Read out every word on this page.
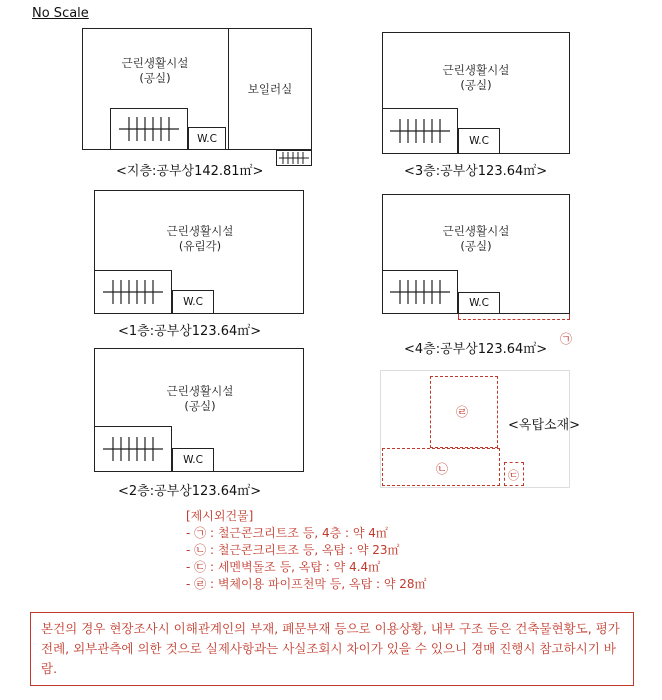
No Scale
보일러실
근린생활시설
(공실)
W.C
<지층:공부상142.81㎡>
근린생활시설
(공실)
W.C
<3층:공부상123.64㎡>
근린생활시설
(유림각)
W.C
<1층:공부상123.64㎡>
근린생활시설
(공실)
W.C
<4층:공부상123.64㎡>
㉠
근린생활시설
(공실)
W.C
<2층:공부상123.64㎡>
㉣
㉡	㉢
<옥탑소재>
[제시외건물]
- ㉠ : 철근콘크리트조 등, 4층 : 약 4㎡
- ㉡ : 철근콘크리트조 등, 옥탑 : 약 23㎡
- ㉢ : 세멘벽돌조 등, 옥탑 : 약 4.4㎡
- ㉣ : 벽체이용 파이프천막 등, 옥탑 : 약 28㎡
본건의 경우 현장조사시 이해관계인의 부재, 폐문부재 등으로 이용상황, 내부 구조 등은 건축물현황도, 평가전례, 외부관측에 의한 것으로 실제사항과는 사실조회시 차이가 있을 수 있으니 경매 진행시 참고하시기 바람.
